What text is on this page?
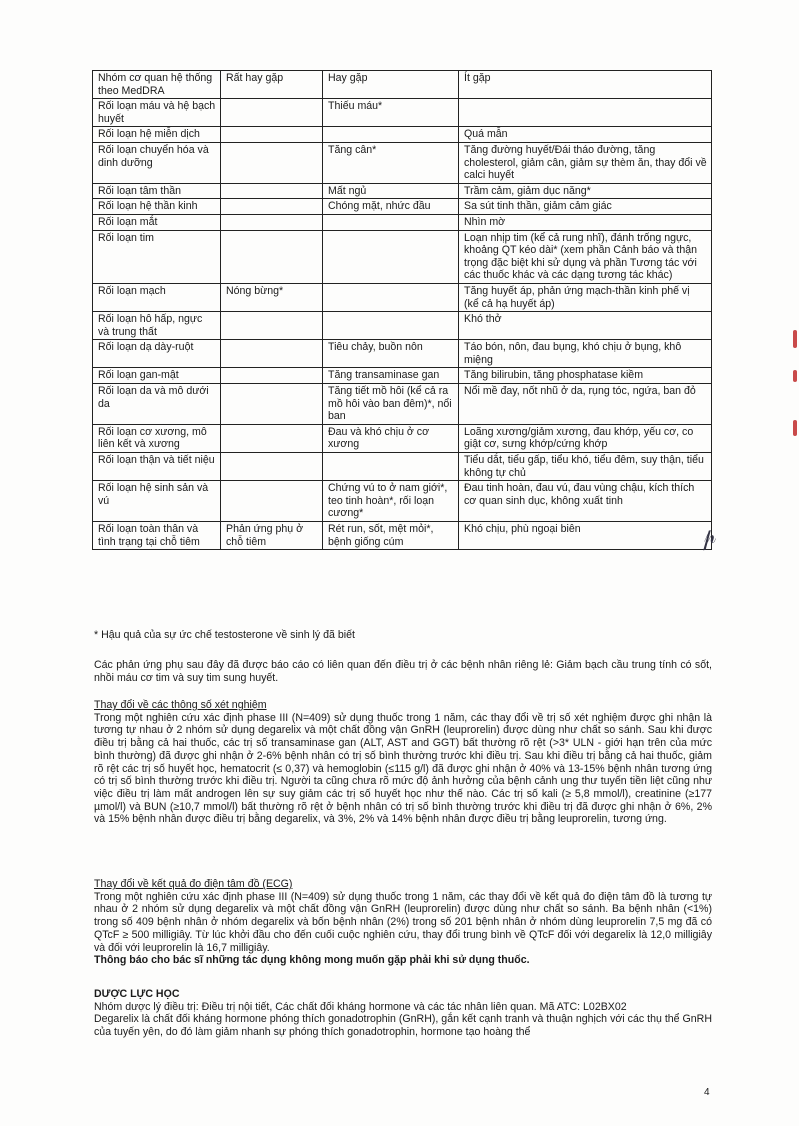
Nhóm cơ quan hệ thống theo MedDRA	Rất hay gặp	Hay gặp	Ít gặp
Rối loạn máu và hệ bạch huyết		Thiếu máu*	
Rối loạn hệ miễn dịch			Quá mẫn
Rối loạn chuyển hóa và dinh dưỡng		Tăng cân*	Tăng đường huyết/Đái tháo đường, tăng cholesterol, giảm cân, giảm sự thèm ăn, thay đổi về calci huyết
Rối loạn tâm thần		Mất ngủ	Trầm cảm, giảm dục năng*
Rối loạn hệ thần kinh		Chóng mặt, nhức đầu	Sa sút tinh thần, giảm cảm giác
Rối loạn mắt			Nhìn mờ
Rối loạn tim			Loạn nhịp tim (kể cả rung nhĩ), đánh trống ngực, khoảng QT kéo dài* (xem phần Cảnh báo và thận trọng đặc biệt khi sử dụng và phần Tương tác với các thuốc khác và các dạng tương tác khác)
Rối loạn mạch	Nóng bừng*		Tăng huyết áp, phản ứng mạch-thần kinh phế vị (kể cả hạ huyết áp)
Rối loạn hô hấp, ngực và trung thất			Khó thở
Rối loạn dạ dày-ruột		Tiêu chảy, buồn nôn	Táo bón, nôn, đau bụng, khó chịu ở bụng, khô miệng
Rối loạn gan-mật		Tăng transaminase gan	Tăng bilirubin, tăng phosphatase kiềm
Rối loạn da và mô dưới da		Tăng tiết mồ hôi (kể cả ra mồ hôi vào ban đêm)*, nổi ban	Nổi mề đay, nốt nhũ ở da, rụng tóc, ngứa, ban đỏ
Rối loạn cơ xương, mô liên kết và xương		Đau và khó chịu ở cơ xương	Loãng xương/giảm xương, đau khớp, yếu cơ, co giật cơ, sưng khớp/cứng khớp
Rối loạn thận và tiết niệu			Tiểu dắt, tiểu gấp, tiểu khó, tiểu đêm, suy thận, tiểu không tự chủ
Rối loạn hệ sinh sản và vú		Chứng vú to ở nam giới*, teo tinh hoàn*, rối loạn cương*	Đau tinh hoàn, đau vú, đau vùng chậu, kích thích cơ quan sinh dục, không xuất tinh
Rối loạn toàn thân và tình trạng tại chỗ tiêm	Phản ứng phụ ở chỗ tiêm	Rét run, sốt, mệt mỏi*, bệnh giống cúm	Khó chịu, phù ngoại biên
* Hậu quả của sự ức chế testosterone về sinh lý đã biết
Các phản ứng phụ sau đây đã được báo cáo có liên quan đến điều trị ở các bệnh nhân riêng lẻ: Giảm bạch cầu trung tính có sốt, nhồi máu cơ tim và suy tim sung huyết.
Thay đổi về các thông số xét nghiệm
Trong một nghiên cứu xác định phase III (N=409) sử dụng thuốc trong 1 năm, các thay đổi về trị số xét nghiệm được ghi nhận là tương tự nhau ở 2 nhóm sử dụng degarelix và một chất đồng vận GnRH (leuprorelin) được dùng như chất so sánh. Sau khi được điều trị bằng cả hai thuốc, các trị số transaminase gan (ALT, AST and GGT) bất thường rõ rệt (>3* ULN - giới hạn trên của mức bình thường) đã được ghi nhận ở 2-6% bệnh nhân có trị số bình thường trước khi điều trị. Sau khi điều trị bằng cả hai thuốc, giảm rõ rệt các trị số huyết học, hematocrit (≤ 0,37) và hemoglobin (≤115 g/l) đã được ghi nhận ở 40% và 13-15% bệnh nhân tương ứng có trị số bình thường trước khi điều trị. Người ta cũng chưa rõ mức độ ảnh hưởng của bệnh cảnh ung thư tuyến tiền liệt cũng như việc điều trị làm mất androgen lên sự suy giảm các trị số huyết học như thế nào. Các trị số kali (≥ 5,8 mmol/l), creatinine (≥177 µmol/l) và BUN (≥10,7 mmol/l) bất thường rõ rệt ở bệnh nhân có trị số bình thường trước khi điều trị đã được ghi nhận ở 6%, 2% và 15% bệnh nhân được điều trị bằng degarelix, và 3%, 2% và 14% bệnh nhân được điều trị bằng leuprorelin, tương ứng.
Thay đổi về kết quả đo điện tâm đồ (ECG)
Trong một nghiên cứu xác định phase III (N=409) sử dụng thuốc trong 1 năm, các thay đổi về kết quả đo điện tâm đồ là tương tự nhau ở 2 nhóm sử dụng degarelix và một chất đồng vận GnRH (leuprorelin) được dùng như chất so sánh. Ba bệnh nhân (<1%) trong số 409 bệnh nhân ở nhóm degarelix và bốn bệnh nhân (2%) trong số 201 bệnh nhân ở nhóm dùng leuprorelin 7,5 mg đã có QTcF ≥ 500 milligiây. Từ lúc khởi đầu cho đến cuối cuộc nghiên cứu, thay đổi trung bình về QTcF đối với degarelix là 12,0 milligiây và đối với leuprorelin là 16,7 milligiây.
Thông báo cho bác sĩ những tác dụng không mong muốn gặp phải khi sử dụng thuốc.
DƯỢC LỰC HỌC
Nhóm dược lý điều trị: Điều trị nội tiết, Các chất đối kháng hormone và các tác nhân liên quan. Mã ATC: L02BX02
Degarelix là chất đối kháng hormone phóng thích gonadotrophin (GnRH), gắn kết cạnh tranh và thuận nghịch với các thụ thể GnRH của tuyến yên, do đó làm giảm nhanh sự phóng thích gonadotrophin, hormone tạo hoàng thể
𝓅
4
